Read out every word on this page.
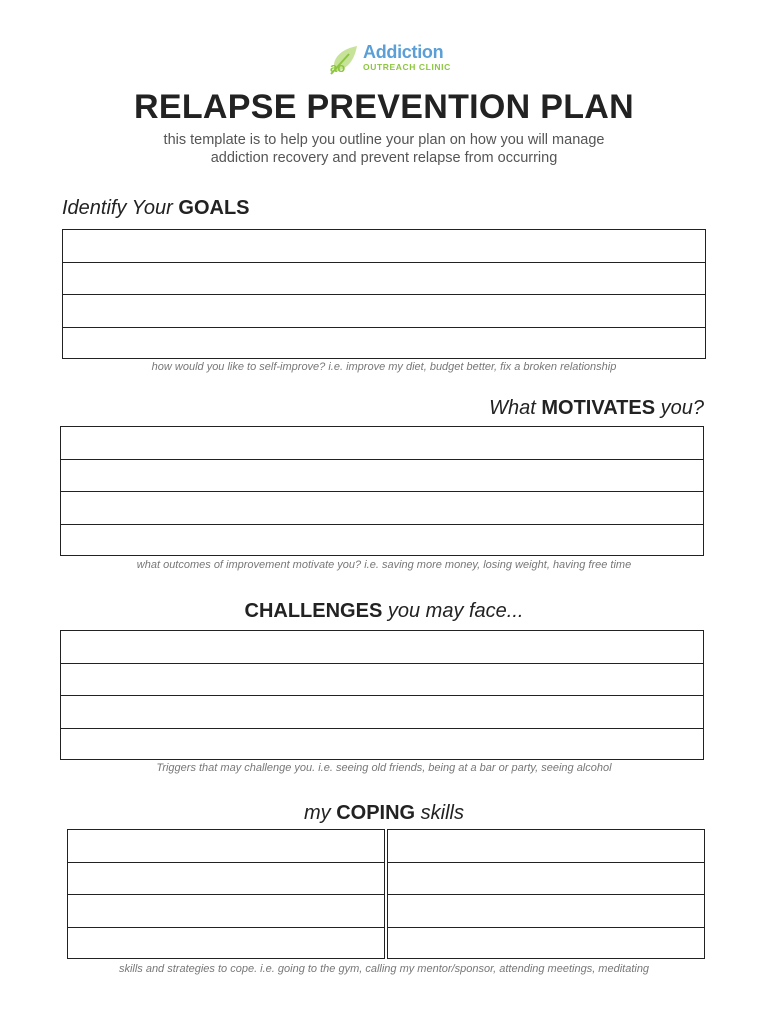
ao
Addiction
OUTREACH CLINIC
RELAPSE PREVENTION PLAN
this template is to help you outline your plan on how you will manage
addiction recovery and prevent relapse from occurring
Identify Your GOALS
how would you like to self-improve? i.e. improve my diet, budget better, fix a broken relationship
What MOTIVATES you?
what outcomes of improvement motivate you? i.e. saving more money, losing weight, having free time
CHALLENGES you may face...
Triggers that may challenge you. i.e. seeing old friends, being at a bar or party, seeing alcohol
my COPING skills
skills and strategies to cope. i.e. going to the gym, calling my mentor/sponsor, attending meetings, meditating
